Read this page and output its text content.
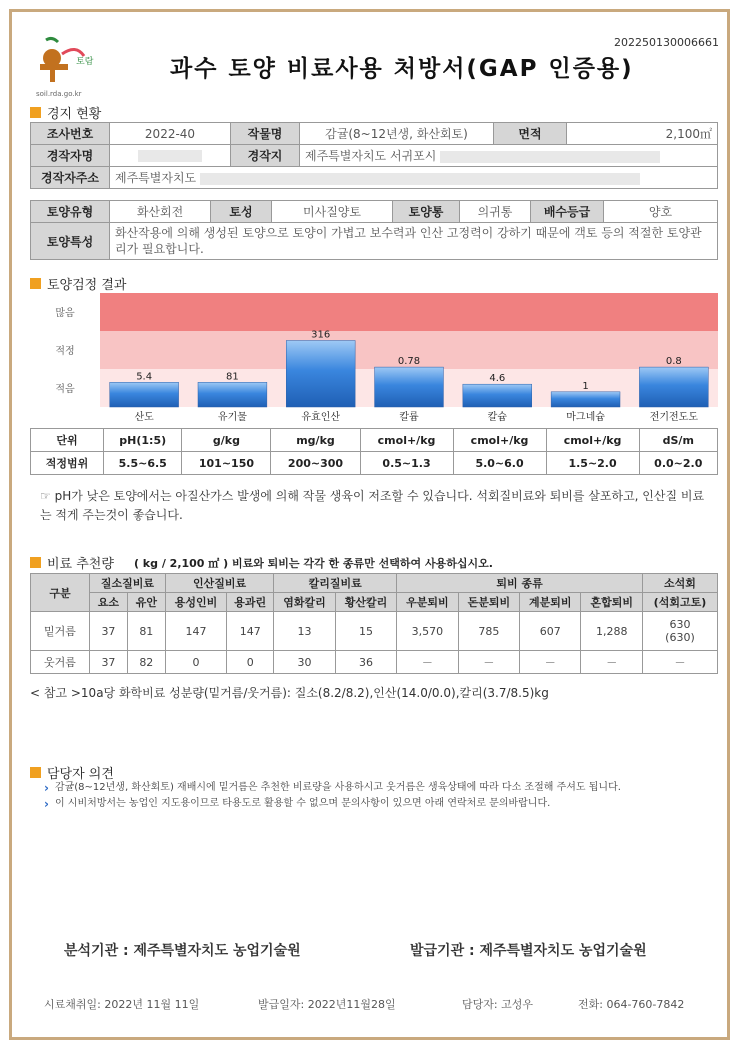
202250130006661
토람
soil.rda.go.kr
과수 토양 비료사용 처방서(GAP 인증용)
경지 현황
조사번호	2022-40	작물명	감귤(8~12년생, 화산회토)	면적	2,100㎡
경작자명		경작지	제주특별자치도 서귀포시		
경작자주소	제주특별자치도				
토양유형	화산회전	토성	미사질양토	토양통	의귀통	배수등급	양호
토양특성	화산작용에 의해 생성된 토양으로 토양이 가볍고 보수력과 인산 고정력이 강하기 때문에 객토 등의 적절한 토양관리가 필요합니다.						
토양검정 결과
많음
적정
적음
5.4
산도
81
유기물
316
유효인산
0.78
칼륨
4.6
칼슘
1
마그네슘
0.8
전기전도도
단위	pH(1:5)	g/kg	mg/kg	cmol+/kg	cmol+/kg	cmol+/kg	dS/m
적정범위	5.5~6.5	101~150	200~300	0.5~1.3	5.0~6.0	1.5~2.0	0.0~2.0
☞ pH가 낮은 토양에서는 아질산가스 발생에 의해 작물 생육이 저조할 수 있습니다. 석회질비료와 퇴비를 살포하고, 인산질 비료는 적게 주는것이 좋습니다.
비료 추천량 ( kg / 2,100 ㎡ ) 비료와 퇴비는 각각 한 종류만 선택하여 사용하십시오.
구분	질소질비료		인산질비료		칼리질비료		퇴비 종류				소석회
	요소	유안	용성인비	용과린	염화칼리	황산칼리	우분퇴비	돈분퇴비	계분퇴비	혼합퇴비	(석회고토)
밑거름	37	81	147	147	13	15	3,570	785	607	1,288	630
(630)

웃거름	37	82	0	0	30	36	－	－	－	－	－
< 참고 >10a당 화학비료 성분량(밑거름/웃거름): 질소(8.2/8.2),인산(14.0/0.0),칼리(3.7/8.5)kg
담당자 의견
› 감귤(8~12년생, 화산회토) 재배시에 밑거름은 추천한 비료량을 사용하시고 웃거름은 생육상태에 따라 다소 조절해 주셔도 됩니다.
› 이 시비처방서는 농업인 지도용이므로 타용도로 활용할 수 없으며 문의사항이 있으면 아래 연락처로 문의바랍니다.
분석기관 : 제주특별자치도 농업기술원	발급기관 : 제주특별자치도 농업기술원
시료채취일: 2022년 11월 11일	발급일자: 2022년11월28일	담당자: 고성우	전화: 064-760-7842
